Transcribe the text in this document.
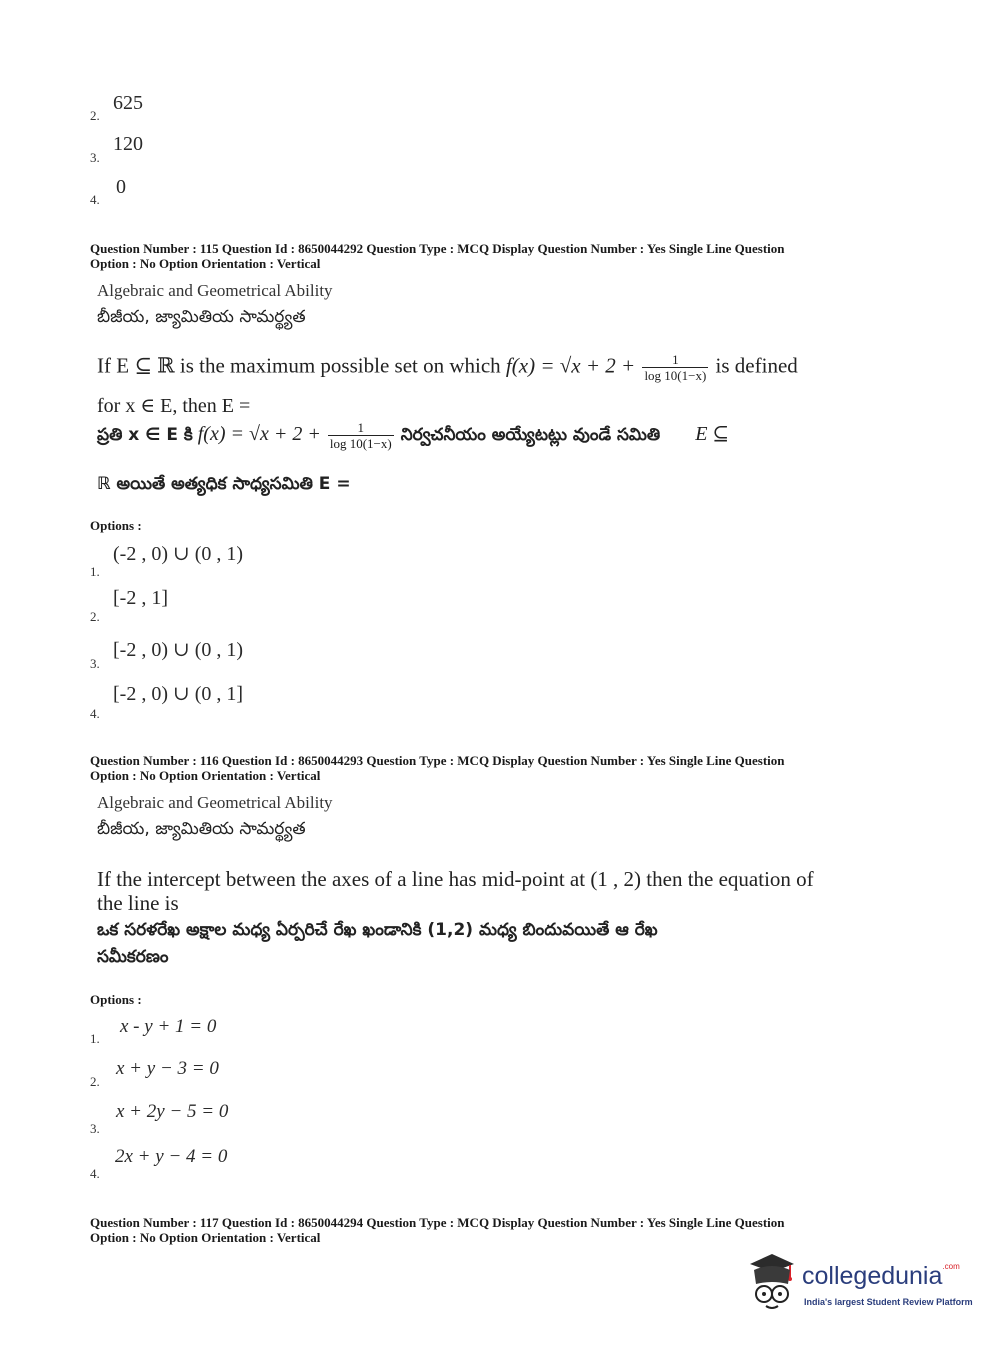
2.
625
3.
120
4.
0
Question Number : 115 Question Id : 8650044292 Question Type : MCQ Display Question Number : Yes Single Line Question
Option : No Option Orientation : Vertical
Algebraic and Geometrical Ability
బీజీయ, జ్యామితియ సామర్థ్యత
If E ⊆ ℝ is the maximum possible set on which $f(x) = √x + 2 + \frac{1}{\log 10(1-x)}$ is defined
for x ∈ E, then E =
ప్రతి x ∈ E కి $f(x) = √x + 2 + \frac{1}{\log 10(1-x)}$ నిర్వచనీయం అయ్యేటట్లు వుండే సమితి E ⊆
ℝ అయితే అత్యధిక సాధ్యసమితి E =
Options :
1.
(-2 , 0) ∪ (0 , 1)
2.
[-2 , 1]
3.
[-2 , 0) ∪ (0 , 1)
4.
[-2 , 0) ∪ (0 , 1]
Question Number : 116 Question Id : 8650044293 Question Type : MCQ Display Question Number : Yes Single Line Question
Option : No Option Orientation : Vertical
Algebraic and Geometrical Ability
బీజీయ, జ్యామితియ సామర్థ్యత
If the intercept between the axes of a line has mid-point at (1 , 2) then the equation of
the line is
ఒక సరళరేఖ అక్షాల మధ్య ఏర్పరిచే రేఖ ఖండానికి (1,2) మధ్య బిందువయితే ఆ రేఖ
సమీకరణం
Options :
1.
x - y + 1 = 0
2.
x + y − 3 = 0
3.
x + 2y − 5 = 0
4.
2x + y − 4 = 0
Question Number : 117 Question Id : 8650044294 Question Type : MCQ Display Question Number : Yes Single Line Question
Option : No Option Orientation : Vertical
collegedunia$^{.com}$
India's largest Student Review Platform
